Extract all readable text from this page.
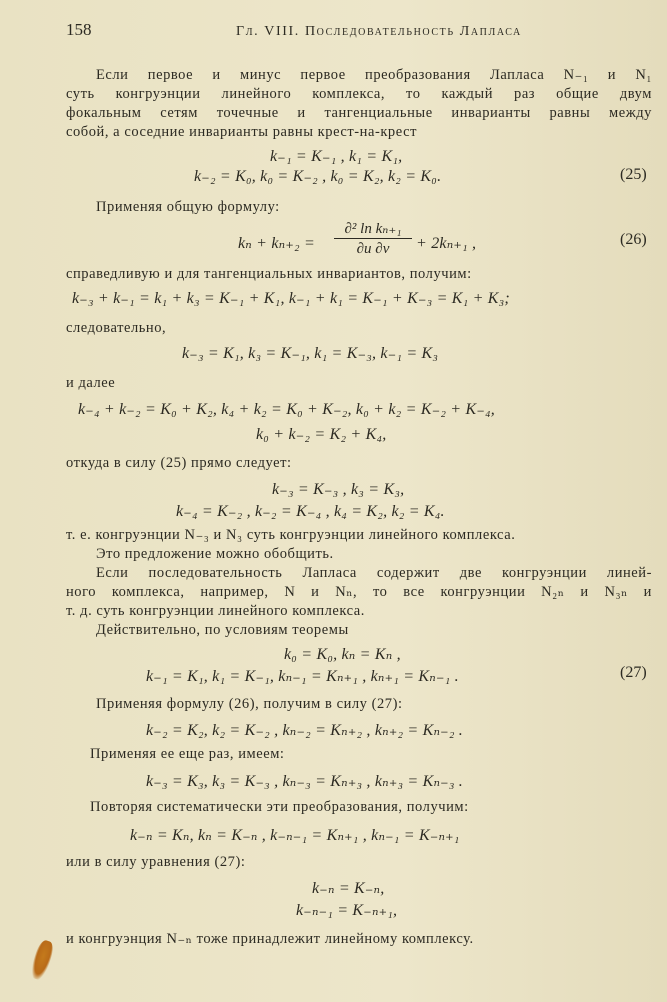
158	Гл. VIII. Последовательность Лапласа
Если первое и минус первое преобразования Лапласа N₋₁ и N₁
суть конгруэнции линейного комплекса, то каждый раз общие двум
фокальным сетям точечные и тангенциальные инварианты равны между
собой, а соседние инварианты равны крест-на-крест
k₋₁ = K₋₁ , k₁ = K₁,
k₋₂ = K₀, k₀ = K₋₂ , k₀ = K₂, k₂ = K₀.	(25)
Применяя общую формулу:
kₙ + kₙ₊₂ =
∂² ln kₙ₊₁
∂u ∂v	+ 2kₙ₊₁ ,	(26)
справедливую и для тангенциальных инвариантов, получим:
k₋₃ + k₋₁ = k₁ + k₃ = K₋₁ + K₁, k₋₁ + k₁ = K₋₁ + K₋₃ = K₁ + K₃;
следовательно,
k₋₃ = K₁, k₃ = K₋₁, k₁ = K₋₃, k₋₁ = K₃
и далее
k₋₄ + k₋₂ = K₀ + K₂, k₄ + k₂ = K₀ + K₋₂, k₀ + k₂ = K₋₂ + K₋₄,
k₀ + k₋₂ = K₂ + K₄,
откуда в силу (25) прямо следует:
k₋₃ = K₋₃ , k₃ = K₃,
k₋₄ = K₋₂ , k₋₂ = K₋₄ , k₄ = K₂, k₂ = K₄.
т. е. конгруэнции N₋₃ и N₃ суть конгруэнции линейного комплекса.
Это предложение можно обобщить.
Если последовательность Лапласа содержит две конгруэнции линей-
ного комплекса, например, N и Nₙ, то все конгруэнции N₂ₙ и N₃ₙ и
т. д. суть конгруэнции линейного комплекса.
Действительно, по условиям теоремы
k₀ = K₀, kₙ = Kₙ ,
k₋₁ = K₁, k₁ = K₋₁, kₙ₋₁ = Kₙ₊₁ , kₙ₊₁ = Kₙ₋₁ .	(27)
Применяя формулу (26), получим в силу (27):
k₋₂ = K₂, k₂ = K₋₂ , kₙ₋₂ = Kₙ₊₂ , kₙ₊₂ = Kₙ₋₂ .
Применяя ее еще раз, имеем:
k₋₃ = K₃, k₃ = K₋₃ , kₙ₋₃ = Kₙ₊₃ , kₙ₊₃ = Kₙ₋₃ .
Повторяя систематически эти преобразования, получим:
k₋ₙ = Kₙ, kₙ = K₋ₙ , k₋ₙ₋₁ = Kₙ₊₁ , kₙ₋₁ = K₋ₙ₊₁
или в силу уравнения (27):
k₋ₙ = K₋ₙ,
k₋ₙ₋₁ = K₋ₙ₊₁,
и конгруэнция N₋ₙ тоже принадлежит линейному комплексу.
